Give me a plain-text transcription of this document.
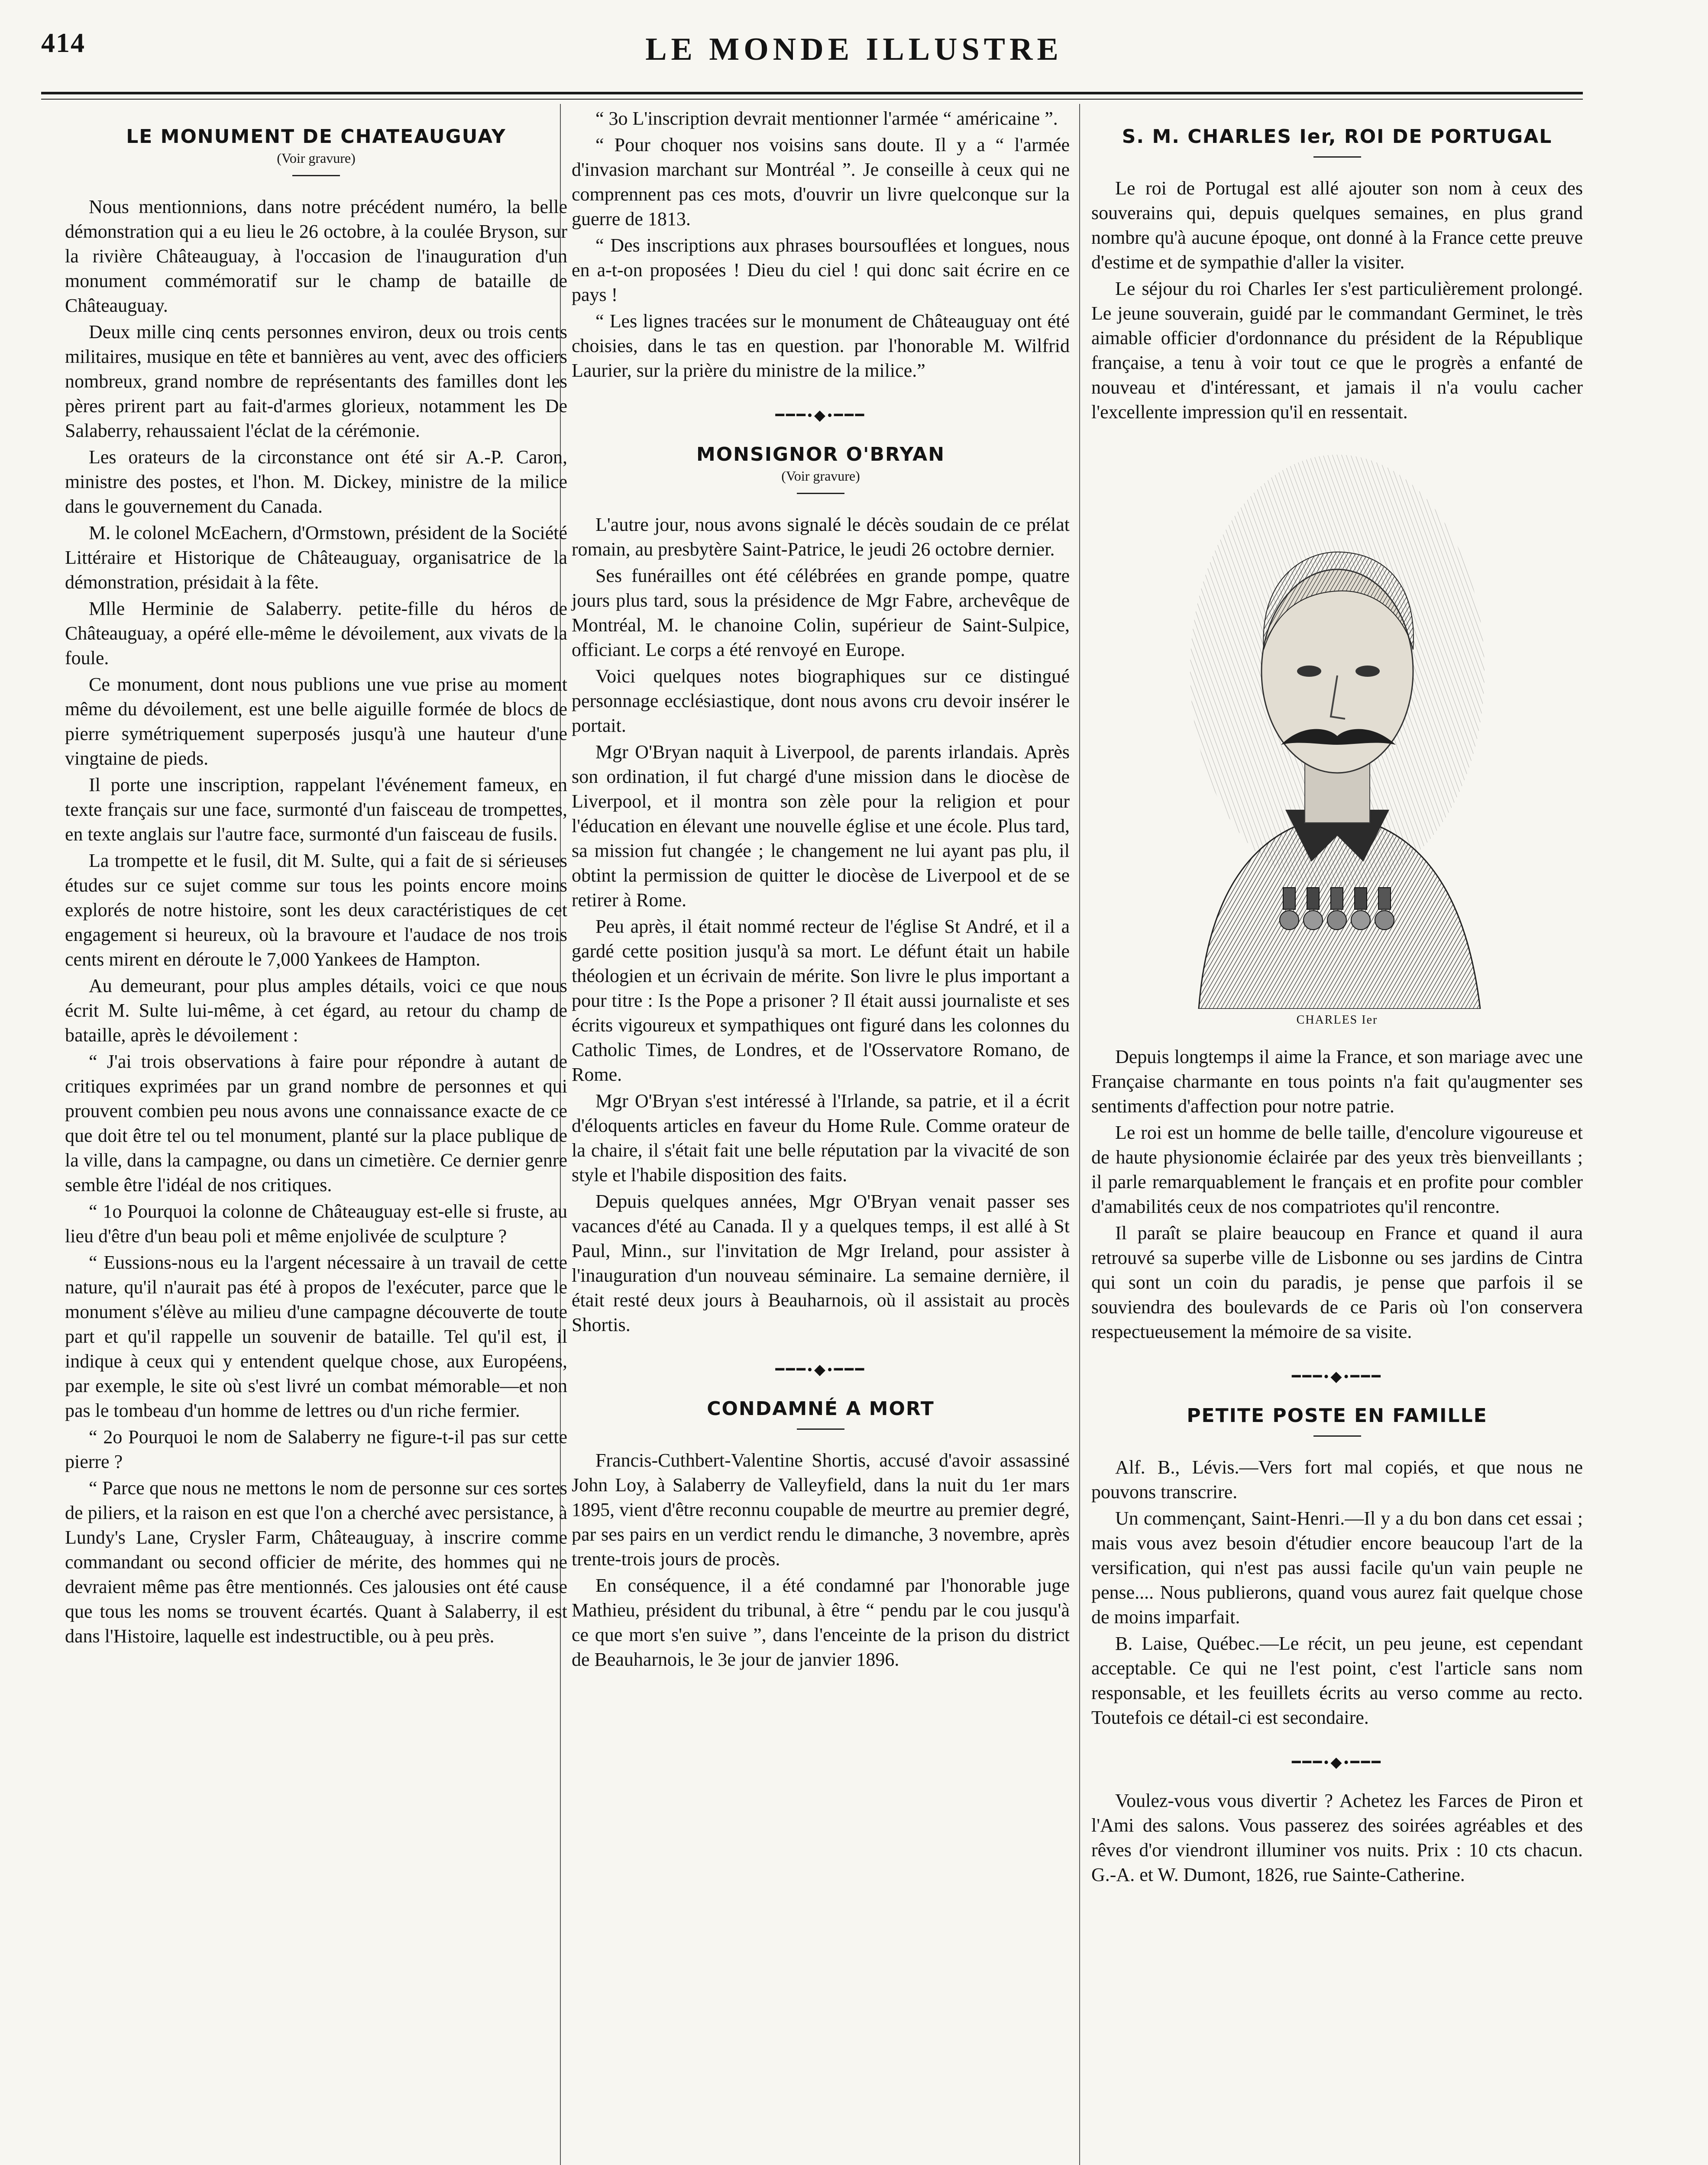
414	LE MONDE ILLUSTRE
LE MONUMENT DE CHATEAUGUAY
(Voir gravure)

Nous mentionnions, dans notre précédent numéro, la belle démonstration qui a eu lieu le 26 octobre, à la coulée Bryson, sur la rivière Châteauguay, à l'occasion de l'inauguration d'un monument commémoratif sur le champ de bataille de Châteauguay.

Deux mille cinq cents personnes environ, deux ou trois cents militaires, musique en tête et bannières au vent, avec des officiers nombreux, grand nombre de représentants des familles dont les pères prirent part au fait-d'armes glorieux, notamment les De Salaberry, rehaussaient l'éclat de la cérémonie.

Les orateurs de la circonstance ont été sir A.-P. Caron, ministre des postes, et l'hon. M. Dickey, ministre de la milice dans le gouvernement du Canada.

M. le colonel McEachern, d'Ormstown, président de la Société Littéraire et Historique de Châteauguay, organisatrice de la démonstration, présidait à la fête.

Mlle Herminie de Salaberry. petite-fille du héros de Châteauguay, a opéré elle-même le dévoilement, aux vivats de la foule.

Ce monument, dont nous publions une vue prise au moment même du dévoilement, est une belle aiguille formée de blocs de pierre symétriquement superposés jusqu'à une hauteur d'une vingtaine de pieds.

Il porte une inscription, rappelant l'événement fameux, en texte français sur une face, surmonté d'un faisceau de trompettes, en texte anglais sur l'autre face, surmonté d'un faisceau de fusils.

La trompette et le fusil, dit M. Sulte, qui a fait de si sérieuses études sur ce sujet comme sur tous les points encore moins explorés de notre histoire, sont les deux caractéristiques de cet engagement si heureux, où la bravoure et l'audace de nos trois cents mirent en déroute le 7,000 Yankees de Hampton.

Au demeurant, pour plus amples détails, voici ce que nous écrit M. Sulte lui-même, à cet égard, au retour du champ de bataille, après le dévoilement :

“ J'ai trois observations à faire pour répondre à autant de critiques exprimées par un grand nombre de personnes et qui prouvent combien peu nous avons une connaissance exacte de ce que doit être tel ou tel monument, planté sur la place publique de la ville, dans la campagne, ou dans un cimetière. Ce dernier genre semble être l'idéal de nos critiques.

“ 1o Pourquoi la colonne de Châteauguay est-elle si fruste, au lieu d'être d'un beau poli et même enjolivée de sculpture ?

“ Eussions-nous eu la l'argent nécessaire à un travail de cette nature, qu'il n'aurait pas été à propos de l'exécuter, parce que le monument s'élève au milieu d'une campagne découverte de toute part et qu'il rappelle un souvenir de bataille. Tel qu'il est, il indique à ceux qui y entendent quelque chose, aux Européens, par exemple, le site où s'est livré un combat mémorable—et non pas le tombeau d'un homme de lettres ou d'un riche fermier.

“ 2o Pourquoi le nom de Salaberry ne figure-t-il pas sur cette pierre ?

“ Parce que nous ne mettons le nom de personne sur ces sortes de piliers, et la raison en est que l'on a cherché avec persistance, à Lundy's Lane, Crysler Farm, Châteauguay, à inscrire comme commandant ou second officier de mérite, des hommes qui ne devraient même pas être mentionnés. Ces jalousies ont été cause que tous les noms se trouvent écartés. Quant à Salaberry, il est dans l'Histoire, laquelle est indestructible, ou à peu près.

“ 3o L'inscription devrait mentionner l'armée “ américaine ”.

“ Pour choquer nos voisins sans doute. Il y a “ l'armée d'invasion marchant sur Montréal ”. Je conseille à ceux qui ne comprennent pas ces mots, d'ouvrir un livre quelconque sur la guerre de 1813.

“ Des inscriptions aux phrases boursouflées et longues, nous en a-t-on proposées ! Dieu du ciel ! qui donc sait écrire en ce pays !

“ Les lignes tracées sur le monument de Châteauguay ont été choisies, dans le tas en question. par l'honorable M. Wilfrid Laurier, sur la prière du ministre de la milice.”

━━━•◆•━━━
MONSIGNOR O'BRYAN
(Voir gravure)

L'autre jour, nous avons signalé le décès soudain de ce prélat romain, au presbytère Saint-Patrice, le jeudi 26 octobre dernier.

Ses funérailles ont été célébrées en grande pompe, quatre jours plus tard, sous la présidence de Mgr Fabre, archevêque de Montréal, M. le chanoine Colin, supérieur de Saint-Sulpice, officiant. Le corps a été renvoyé en Europe.

Voici quelques notes biographiques sur ce distingué personnage ecclésiastique, dont nous avons cru devoir insérer le portait.

Mgr O'Bryan naquit à Liverpool, de parents irlandais. Après son ordination, il fut chargé d'une mission dans le diocèse de Liverpool, et il montra son zèle pour la religion et pour l'éducation en élevant une nouvelle église et une école. Plus tard, sa mission fut changée ; le changement ne lui ayant pas plu, il obtint la permission de quitter le diocèse de Liverpool et de se retirer à Rome.

Peu après, il était nommé recteur de l'église St André, et il a gardé cette position jusqu'à sa mort. Le défunt était un habile théologien et un écrivain de mérite. Son livre le plus important a pour titre : Is the Pope a prisoner ? Il était aussi journaliste et ses écrits vigoureux et sympathiques ont figuré dans les colonnes du Catholic Times, de Londres, et de l'Osservatore Romano, de Rome.

Mgr O'Bryan s'est intéressé à l'Irlande, sa patrie, et il a écrit d'éloquents articles en faveur du Home Rule. Comme orateur de la chaire, il s'était fait une belle réputation par la vivacité de son style et l'habile disposition des faits.

Depuis quelques années, Mgr O'Bryan venait passer ses vacances d'été au Canada. Il y a quelques temps, il est allé à St Paul, Minn., sur l'invitation de Mgr Ireland, pour assister à l'inauguration d'un nouveau séminaire. La semaine dernière, il était resté deux jours à Beauharnois, où il assistait au procès Shortis.

━━━•◆•━━━
CONDAMNÉ A MORT

Francis-Cuthbert-Valentine Shortis, accusé d'avoir assassiné John Loy, à Salaberry de Valleyfield, dans la nuit du 1er mars 1895, vient d'être reconnu coupable de meurtre au premier degré, par ses pairs en un verdict rendu le dimanche, 3 novembre, après trente-trois jours de procès.

En conséquence, il a été condamné par l'honorable juge Mathieu, président du tribunal, à être “ pendu par le cou jusqu'à ce que mort s'en suive ”, dans l'enceinte de la prison du district de Beauharnois, le 3e jour de janvier 1896.

S. M. CHARLES Ier, ROI DE PORTUGAL

Le roi de Portugal est allé ajouter son nom à ceux des souverains qui, depuis quelques semaines, en plus grand nombre qu'à aucune époque, ont donné à la France cette preuve d'estime et de sympathie d'aller la visiter.

Le séjour du roi Charles Ier s'est particulièrement prolongé. Le jeune souverain, guidé par le commandant Germinet, le très aimable officier d'ordonnance du président de la République française, a tenu à voir tout ce que le progrès a enfanté de nouveau et d'intéressant, et jamais il n'a voulu cacher l'excellente impression qu'il en ressentait.

CHARLES Ier

Depuis longtemps il aime la France, et son mariage avec une Française charmante en tous points n'a fait qu'augmenter ses sentiments d'affection pour notre patrie.

Le roi est un homme de belle taille, d'encolure vigoureuse et de haute physionomie éclairée par des yeux très bienveillants ; il parle remarquablement le français et en profite pour combler d'amabilités ceux de nos compatriotes qu'il rencontre.

Il paraît se plaire beaucoup en France et quand il aura retrouvé sa superbe ville de Lisbonne ou ses jardins de Cintra qui sont un coin du paradis, je pense que parfois il se souviendra des boulevards de ce Paris où l'on conservera respectueusement la mémoire de sa visite.

━━━•◆•━━━
PETITE POSTE EN FAMILLE

Alf. B., Lévis.—Vers fort mal copiés, et que nous ne pouvons transcrire.

Un commençant, Saint-Henri.—Il y a du bon dans cet essai ; mais vous avez besoin d'étudier encore beaucoup l'art de la versification, qui n'est pas aussi facile qu'un vain peuple ne pense.... Nous publierons, quand vous aurez fait quelque chose de moins imparfait.

B. Laise, Québec.—Le récit, un peu jeune, est cependant acceptable. Ce qui ne l'est point, c'est l'article sans nom responsable, et les feuillets écrits au verso comme au recto. Toutefois ce détail-ci est secondaire.

━━━•◆•━━━

Voulez-vous vous divertir ? Achetez les Farces de Piron et l'Ami des salons. Vous passerez des soirées agréables et des rêves d'or viendront illuminer vos nuits. Prix : 10 cts chacun. G.-A. et W. Dumont, 1826, rue Sainte-Catherine.
